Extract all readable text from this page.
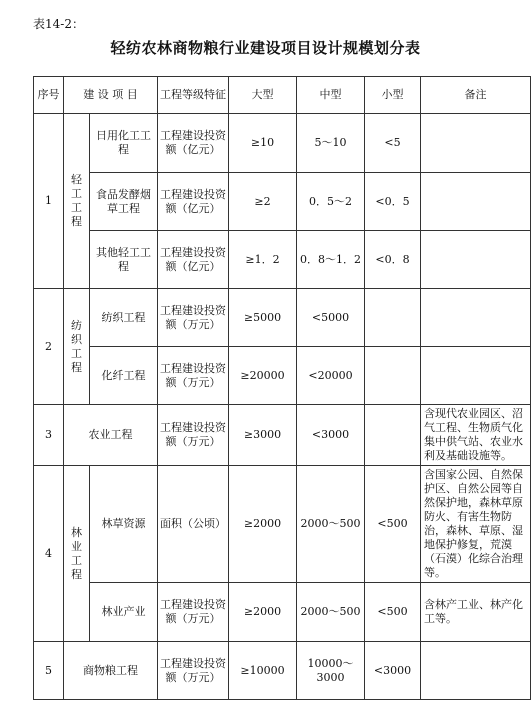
表14-2：
轻纺农林商物粮行业建设项目设计规模划分表
序号	建 设 项 目		工程等级特征	大型	中型	小型	备注
1	轻工工程	日用化工工程	工程建设投资额（亿元）	≥10	5～10	<5	
		食品发酵烟草工程	工程建设投资额（亿元）	≥2	0．5～2	<0．5	
		其他轻工工程	工程建设投资额（亿元）	≥1．2	0．8～1．2	<0．8	
2	纺织工程	纺织工程	工程建设投资额（万元）	≥5000	<5000		
		化纤工程	工程建设投资额（万元）	≥20000	<20000		
3	农业工程		工程建设投资额（万元）	≥3000	<3000		含现代农业园区、沼气工程、生物质气化集中供气站、农业水利及基础设施等。
4	林业工程	林草资源	面积（公顷）	≥2000	2000～500	<500	含国家公园、自然保护区、自然公园等自然保护地，森林草原防火、有害生物防治，森林、草原、湿地保护修复，荒漠（石漠）化综合治理等。
		林业产业	工程建设投资额（万元）	≥2000	2000～500	<500	含林产工业、林产化工等。
5	商物粮工程		工程建设投资额（万元）	≥10000	10000～3000	<3000	
